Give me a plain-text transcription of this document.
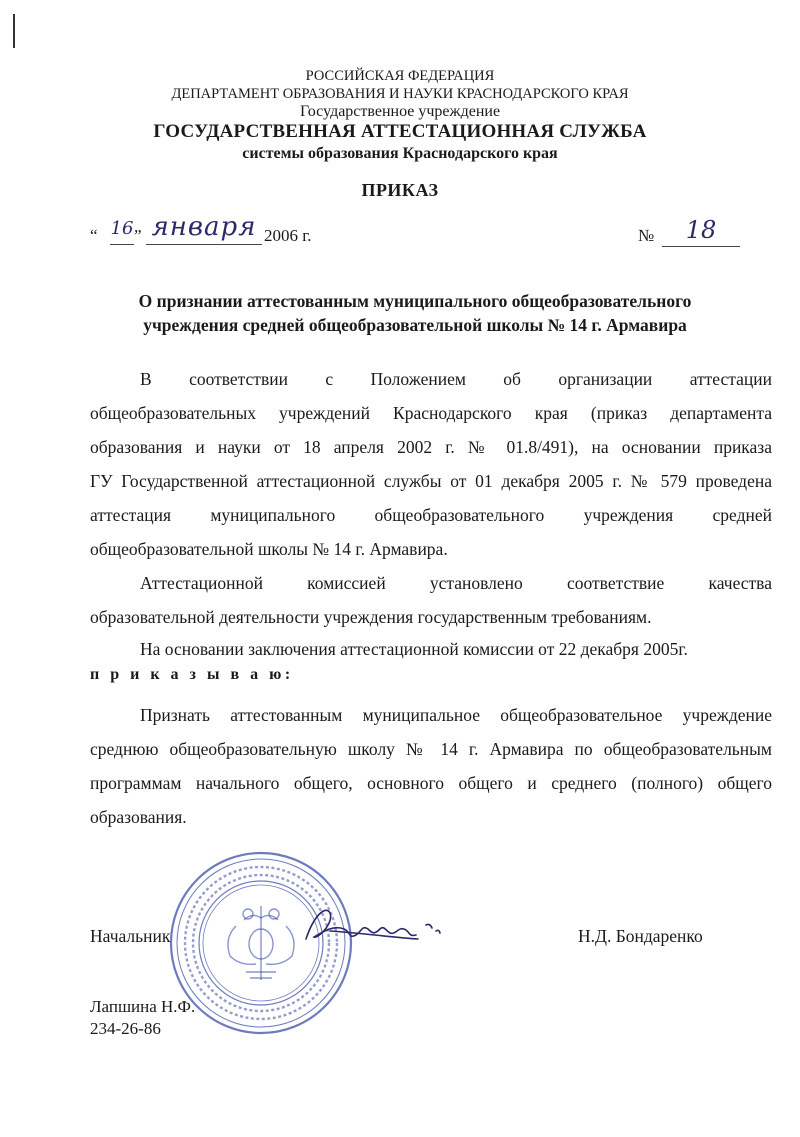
РОССИЙСКАЯ ФЕДЕРАЦИЯ
ДЕПАРТАМЕНТ ОБРАЗОВАНИЯ И НАУКИ КРАСНОДАРСКОГО КРАЯ
Государственное учреждение
ГОСУДАРСТВЕННАЯ АТТЕСТАЦИОННАЯ СЛУЖБА
системы образования Краснодарского края
ПРИКАЗ
“ 16 ” января 2006 г.	№	18
О признании аттестованным муниципального общеобразовательного
учреждения средней общеобразовательной школы № 14 г. Армавира
В соответствии с Положением об организации аттестации
общеобразовательных учреждений Краснодарского края (приказ департамента
образования и науки от 18 апреля 2002 г. № 01.8/491), на основании приказа
ГУ Государственной аттестационной службы от 01 декабря 2005 г. № 579 проведена
аттестация муниципального общеобразовательного учреждения средней
общеобразовательной школы № 14 г. Армавира.
Аттестационной комиссией установлено соответствие качества
образовательной деятельности учреждения государственным требованиям.
На основании заключения аттестационной комиссии от 22 декабря 2005г.
п р и к а з ы в а ю:
Признать аттестованным муниципальное общеобразовательное учреждение
среднюю общеобразовательную школу № 14 г. Армавира по общеобразовательным
программам начального общего, основного общего и среднего (полного) общего
образования.
Начальник	Н.Д. Бондаренко
Лапшина Н.Ф.
234-26-86
